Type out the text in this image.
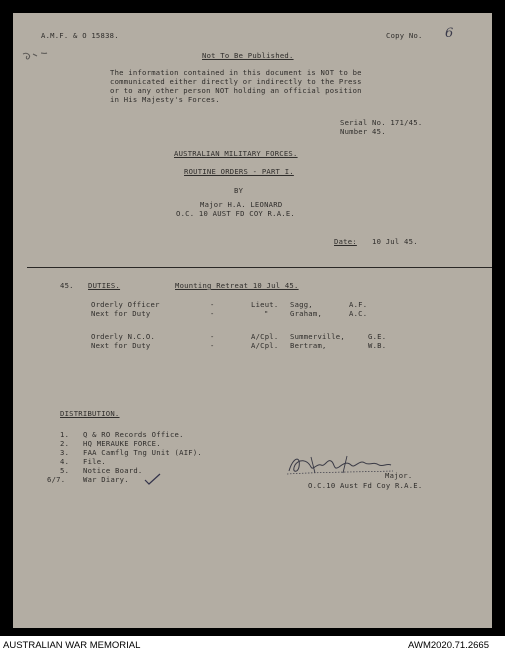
A.M.F. & O 15838.	Copy No. 6
Not To Be Published.
The information contained in this document is NOT to be
communicated either directly or indirectly to the Press
or to any other person NOT holding an official position
in His Majesty's Forces.
Serial No. 171/45.
Number 45.
AUSTRALIAN MILITARY FORCES.
ROUTINE ORDERS - PART I.
BY
Major H.A. LEONARD
O.C. 10 AUST FD COY R.A.E.
Date: 10 Jul 45.
45. DUTIES.	Mounting Retreat 10 Jul 45.
Orderly Officer	-	Lieut. Sagg,	A.F.
Next for Duty	-	"	Graham,	A.C.
Orderly N.C.O.	-	A/Cpl. Summerville,	G.E.
Next for Duty	-	A/Cpl. Bertram,	W.B.
DISTRIBUTION.
1. Q & RO Records Office.
2. HQ MERAUKE FORCE.
3. FAA Camflg Tng Unit (AIF).
4. File.
5. Notice Board.
6/7. War Diary.	Major.
O.C.10 Aust Fd Coy R.A.E.
AUSTRALIAN WAR MEMORIAL	AWM2020.71.2665
